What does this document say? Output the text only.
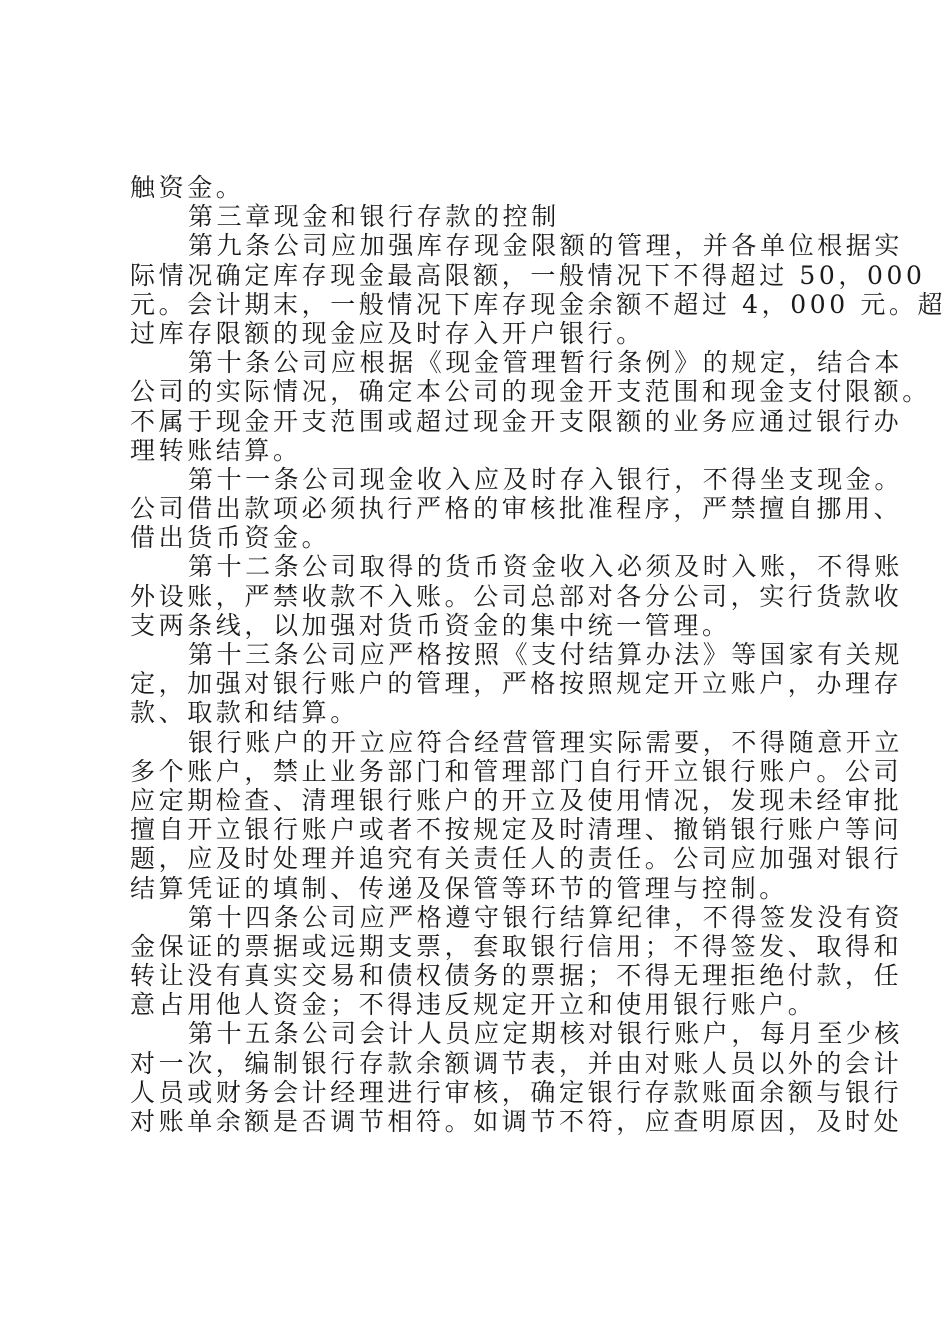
触资金。
第三章现金和银行存款的控制
第九条公司应加强库存现金限额的管理，并各单位根据实
际情况确定库存现金最高限额，一般情况下不得超过 50，000
元。会计期末，一般情况下库存现金余额不超过 4，000 元。超
过库存限额的现金应及时存入开户银行。
第十条公司应根据《现金管理暂行条例》的规定，结合本
公司的实际情况，确定本公司的现金开支范围和现金支付限额。
不属于现金开支范围或超过现金开支限额的业务应通过银行办
理转账结算。
第十一条公司现金收入应及时存入银行，不得坐支现金。
公司借出款项必须执行严格的审核批准程序，严禁擅自挪用、
借出货币资金。
第十二条公司取得的货币资金收入必须及时入账，不得账
外设账，严禁收款不入账。公司总部对各分公司，实行货款收
支两条线，以加强对货币资金的集中统一管理。
第十三条公司应严格按照《支付结算办法》等国家有关规
定，加强对银行账户的管理，严格按照规定开立账户，办理存
款、取款和结算。
银行账户的开立应符合经营管理实际需要，不得随意开立
多个账户，禁止业务部门和管理部门自行开立银行账户。公司
应定期检查、清理银行账户的开立及使用情况，发现未经审批
擅自开立银行账户或者不按规定及时清理、撤销银行账户等问
题，应及时处理并追究有关责任人的责任。公司应加强对银行
结算凭证的填制、传递及保管等环节的管理与控制。
第十四条公司应严格遵守银行结算纪律，不得签发没有资
金保证的票据或远期支票，套取银行信用；不得签发、取得和
转让没有真实交易和债权债务的票据；不得无理拒绝付款，任
意占用他人资金；不得违反规定开立和使用银行账户。
第十五条公司会计人员应定期核对银行账户，每月至少核
对一次，编制银行存款余额调节表，并由对账人员以外的会计
人员或财务会计经理进行审核，确定银行存款账面余额与银行
对账单余额是否调节相符。如调节不符，应查明原因，及时处
